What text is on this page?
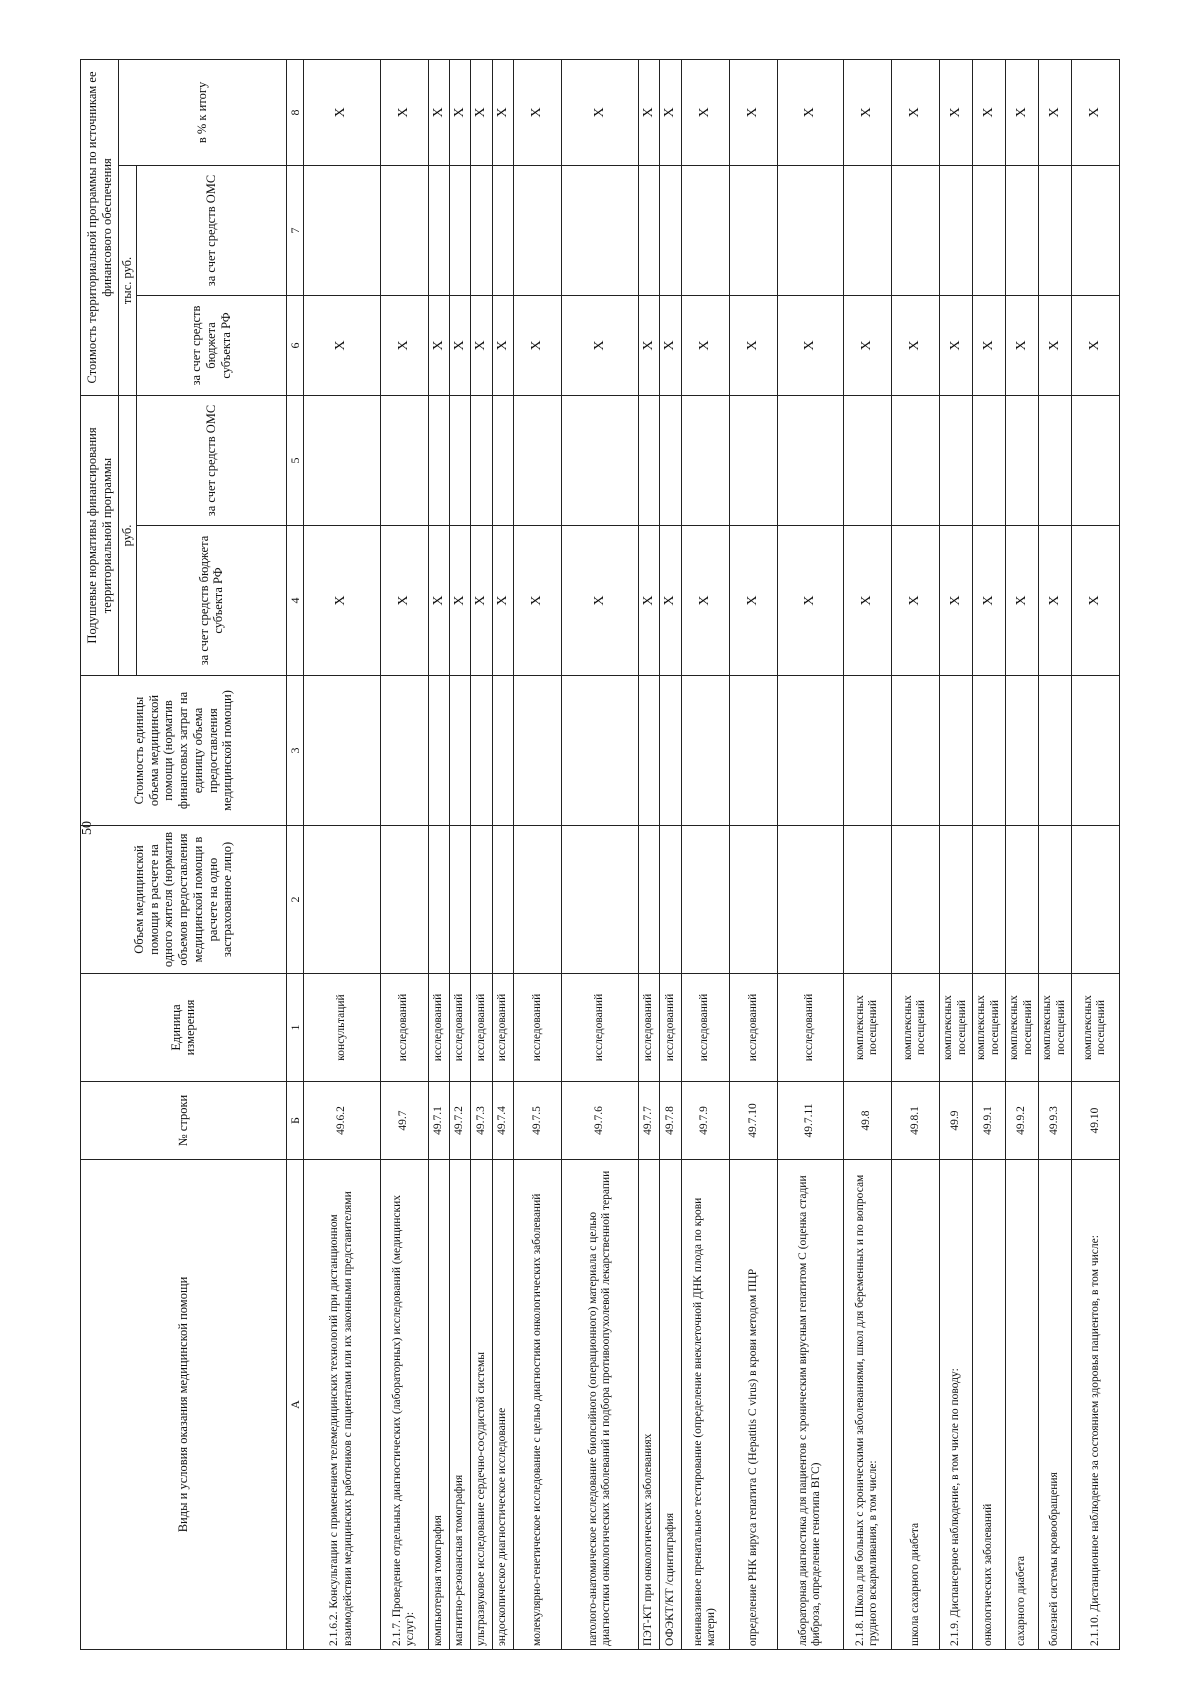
50
Виды и условия оказания медицинской помощи	№ строки	Единица измерения	Объем медицинской помощи в расчете на одного жителя (норматив объемов предоставления медицинской помощи в расчете на одно застрахованное лицо)	Стоимость единицы объема медицинской помощи (норматив финансовых затрат на единицу объема предоставления медицинской помощи)	Подушевые нормативы финансирования территориальной программы		Стоимость территориальной программы по источникам ее финансового обеспечения		
					руб.		тыс. руб.		в % к итогу
					за счет средств бюджета субъекта РФ	за счет средств ОМС	за счет средств бюджета субъекта РФ	за счет средств ОМС	
А	Б	1	2	3	4	5	6	7	8
2.1.6.2. Консультации с применением телемедицинских технологий при дистанционном взаимодействии медицинских работников с пациентами или их законными представителями	49.6.2	консультаций			X		X		X
2.1.7. Проведение отдельных диагностических (лабораторных) исследований (медицинских услуг):	49.7	исследований			X		X		X
компьютерная томография	49.7.1	исследований			X		X		X
магнитно-резонансная томография	49.7.2	исследований			X		X		X
ультразвуковое исследование сердечно-сосудистой системы	49.7.3	исследований			X		X		X
эндоскопическое диагностическое исследование	49.7.4	исследований			X		X		X
молекулярно-генетическое исследование с целью диагностики онкологических заболеваний	49.7.5	исследований			X		X		X
патолого-анатомическое исследование биопсийного (операционного) материала с целью диагностики онкологических заболеваний и подбора противоопухолевой лекарственной терапии	49.7.6	исследований			X		X		X
ПЭТ-КТ при онкологических заболеваниях	49.7.7	исследований			X		X		X
ОФЭКТ/КТ /сцинтиграфия	49.7.8	исследований			X		X		X
неинвазивное пренатальное тестирование (определение внеклеточной ДНК плода по крови матери)	49.7.9	исследований			X		X		X
определение РНК вируса гепатита С (Hepatitis C virus) в крови методом ПЦР	49.7.10	исследований			X		X		X
лабораторная диагностика для пациентов с хроническим вирусным гепатитом С (оценка стадии фиброза, определение генотипа ВГС)	49.7.11	исследований			X		X		X
2.1.8. Школа для больных с хроническими заболеваниями, школ для беременных и по вопросам грудного вскармливания, в том числе:	49.8	комплексных посещений			X		X		X
школа сахарного диабета	49.8.1	комплексных посещений			X		X		X
2.1.9. Диспансерное наблюдение, в том числе по поводу:	49.9	комплексных посещений			X		X		X
онкологических заболеваний	49.9.1	комплексных посещений			X		X		X
сахарного диабета	49.9.2	комплексных посещений			X		X		X
болезней системы кровообращения	49.9.3	комплексных посещений			X		X		X
2.1.10. Дистанционное наблюдение за состоянием здоровья пациентов, в том числе:	49.10	комплексных посещений			X		X		X
